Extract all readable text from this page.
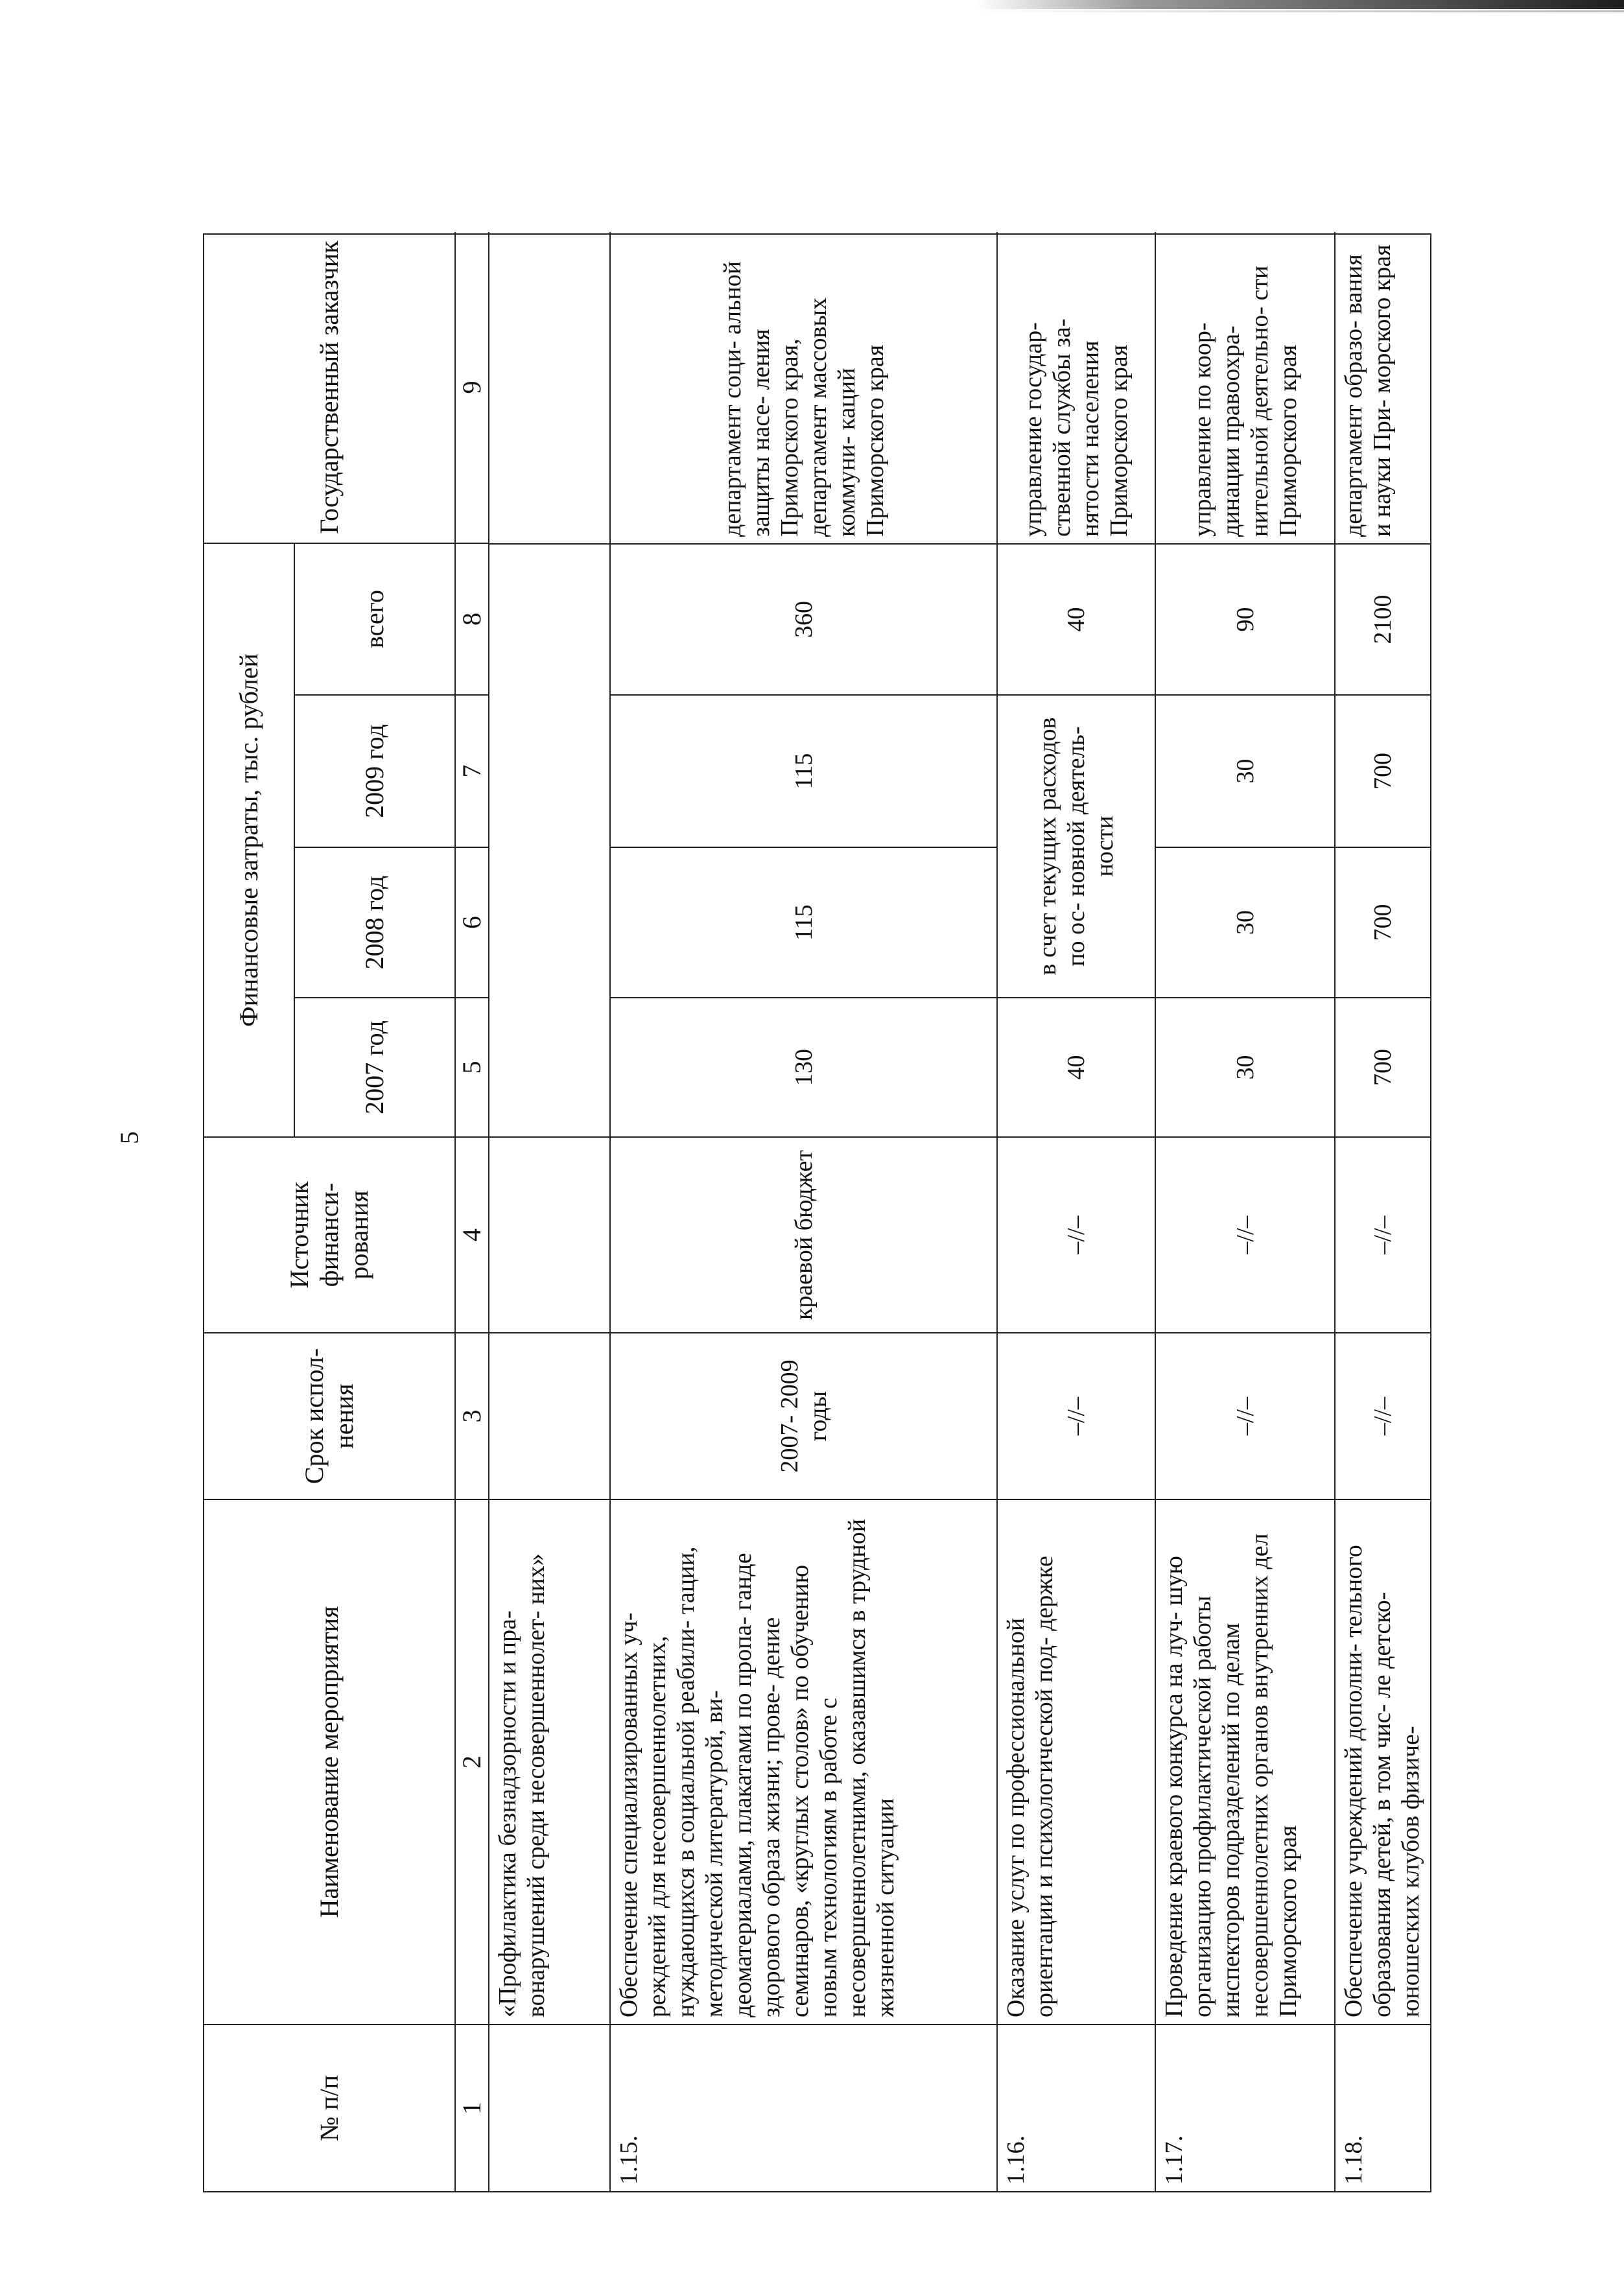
5
№ п/п
Наименование мероприятия
Срок испол- нения
Источник финанси- рования
Финансовые затраты, тыс. рублей
2007 год
2008 год
2009 год
всего
Государственный заказчик
1
2
3
4
5
6
7
8
9
«Профилактика безнадзорности и пра- вонарушений среди несовершеннолет- них»
1.15.
Обеспечение специализированных уч- реждений для несовершеннолетних, нуждающихся в социальной реабили- тации, методической литературой, ви- деоматериалами, плакатами по пропа- ганде здорового образа жизни; прове- дение семинаров, «круглых столов» по обучению новым технологиям в работе с несовершеннолетними, оказавшимся в трудной жизненной ситуации
2007- 2009 годы
краевой бюджет
130
115
115
360
департамент соци- альной защиты насе- ления Приморского края, департамент массовых коммуни- каций Приморского края
1.16.
Оказание услуг по профессиональной ориентации и психологической под- держке
–//–
–//–
40
в счет текущих расходов по ос- новной деятель- ности
40
управление государ- ственной службы за- нятости населения Приморского края
1.17.
Проведение краевого конкурса на луч- шую организацию профилактической работы инспекторов подразделений по делам несовершеннолетних органов внутренних дел Приморского края
–//–
–//–
30
30
30
90
управление по коор- динации правоохра- нительной деятельно- сти Приморского края
1.18.
Обеспечение учреждений дополни- тельного образования детей, в том чис- ле детско-юношеских клубов физиче-
–//–
–//–
700
700
700
2100
департамент образо- вания и науки При- морского края
